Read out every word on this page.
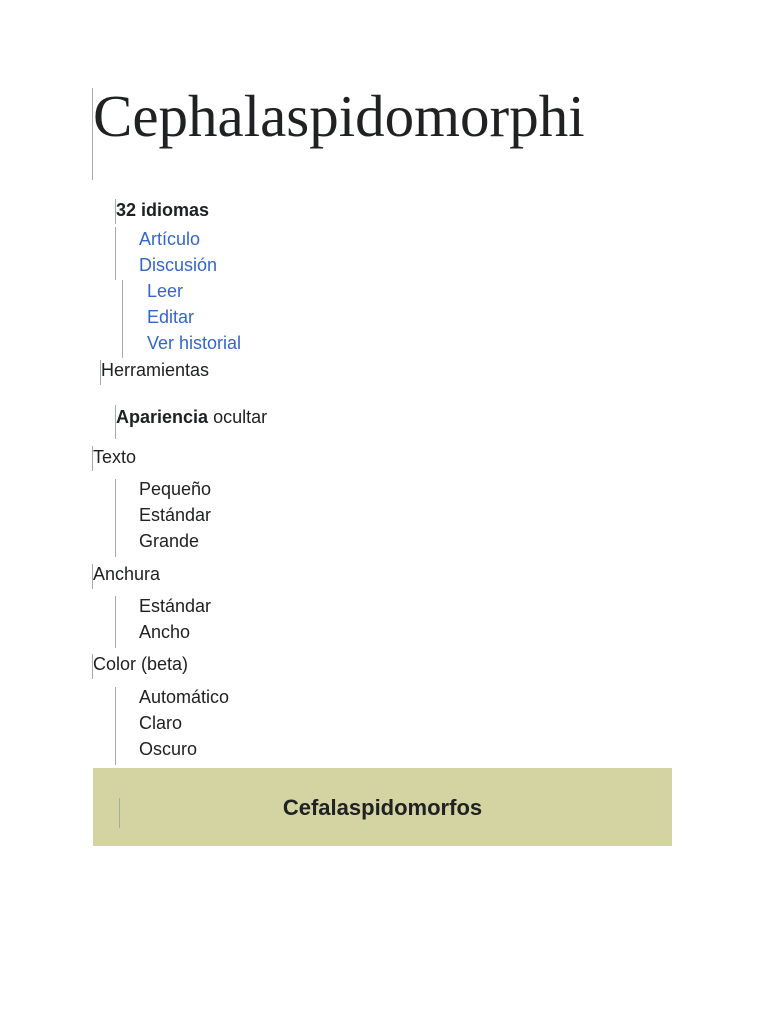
Cephalaspidomorphi
32 idiomas
Artículo
Discusión
Leer
Editar
Ver historial
Herramientas
Apariencia ocultar
Texto
Pequeño
Estándar
Grande
Anchura
Estándar
Ancho
Color (beta)
Automático
Claro
Oscuro
Cefalaspidomorfos
